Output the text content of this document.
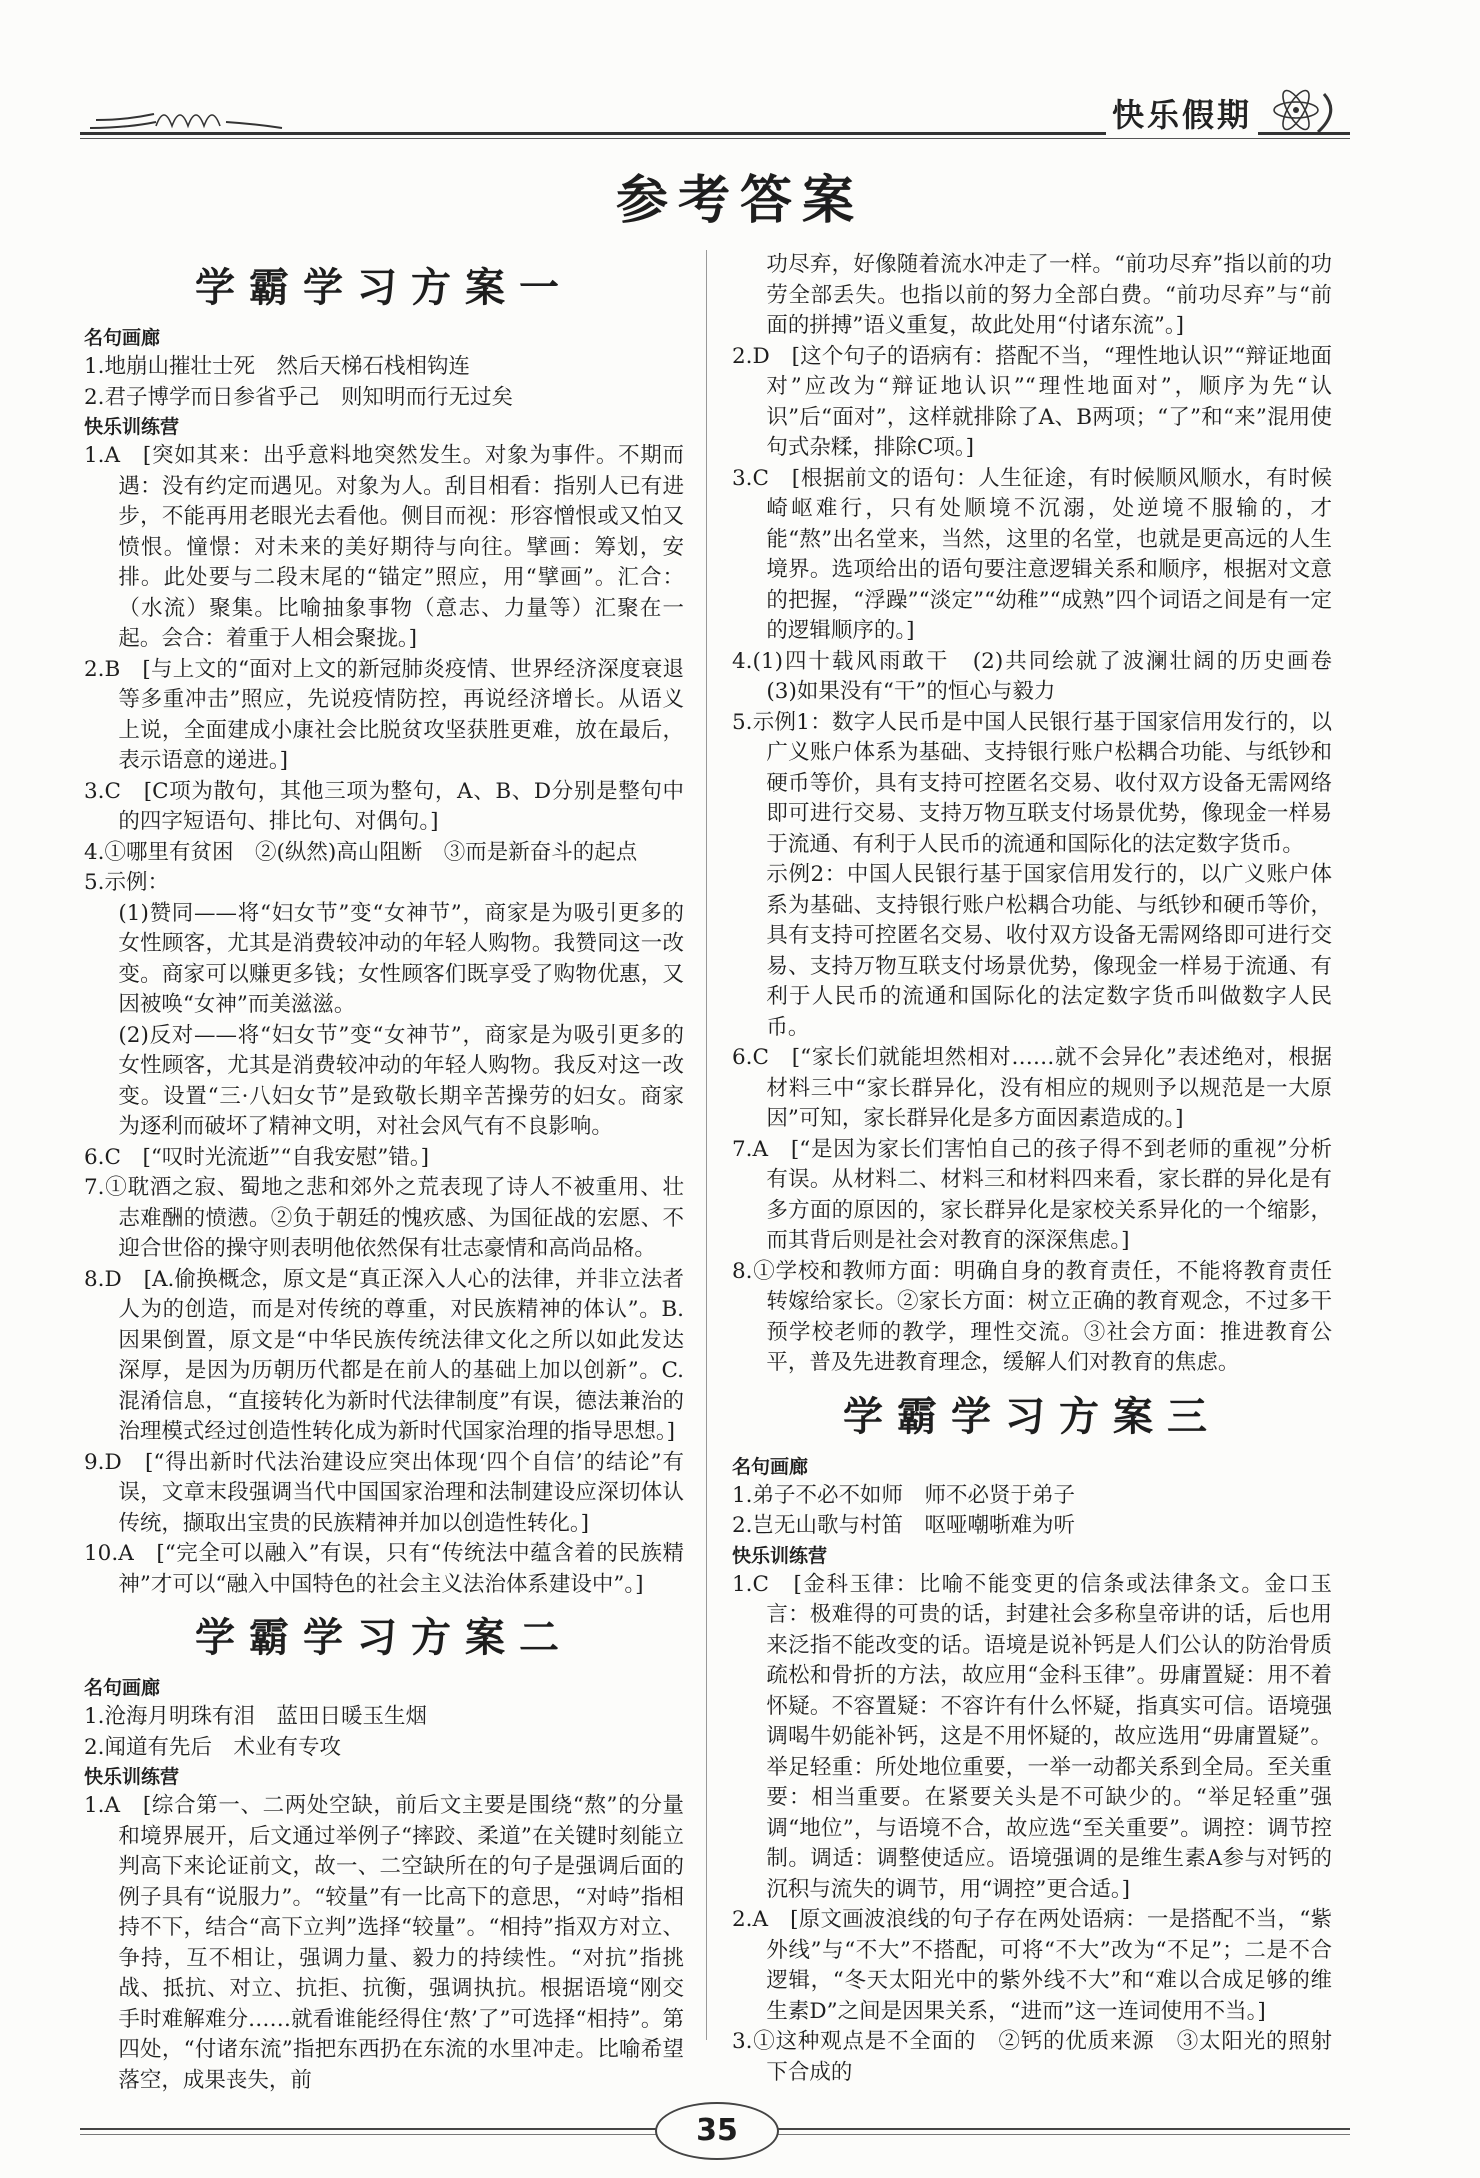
快乐假期
参考答案
学霸学习方案一
名句画廊
1.地崩山摧壮士死　然后天梯石栈相钩连
2.君子博学而日参省乎己　则知明而行无过矣
快乐训练营
1.A　[突如其来：出乎意料地突然发生。对象为事件。不期而遇：没有约定而遇见。对象为人。刮目相看：指别人已有进步，不能再用老眼光去看他。侧目而视：形容憎恨或又怕又愤恨。憧憬：对未来的美好期待与向往。擘画：筹划，安排。此处要与二段末尾的“锚定”照应，用“擘画”。汇合：（水流）聚集。比喻抽象事物（意志、力量等）汇聚在一起。会合：着重于人相会聚拢。]
2.B　[与上文的“面对上文的新冠肺炎疫情、世界经济深度衰退等多重冲击”照应，先说疫情防控，再说经济增长。从语义上说，全面建成小康社会比脱贫攻坚获胜更难，放在最后，表示语意的递进。]
3.C　[C项为散句，其他三项为整句，A、B、D分别是整句中的四字短语句、排比句、对偶句。]
4.①哪里有贫困　②(纵然)高山阻断　③而是新奋斗的起点
5.示例：
(1)赞同——将“妇女节”变“女神节”，商家是为吸引更多的女性顾客，尤其是消费较冲动的年轻人购物。我赞同这一改变。商家可以赚更多钱；女性顾客们既享受了购物优惠，又因被唤“女神”而美滋滋。
(2)反对——将“妇女节”变“女神节”，商家是为吸引更多的女性顾客，尤其是消费较冲动的年轻人购物。我反对这一改变。设置“三·八妇女节”是致敬长期辛苦操劳的妇女。商家为逐利而破坏了精神文明，对社会风气有不良影响。
6.C　[“叹时光流逝”“自我安慰”错。]
7.①耽酒之寂、蜀地之悲和郊外之荒表现了诗人不被重用、壮志难酬的愤懑。②负于朝廷的愧疚感、为国征战的宏愿、不迎合世俗的操守则表明他依然保有壮志豪情和高尚品格。
8.D　[A.偷换概念，原文是“真正深入人心的法律，并非立法者人为的创造，而是对传统的尊重，对民族精神的体认”。B.因果倒置，原文是“中华民族传统法律文化之所以如此发达深厚，是因为历朝历代都是在前人的基础上加以创新”。C.混淆信息，“直接转化为新时代法律制度”有误，德法兼治的治理模式经过创造性转化成为新时代国家治理的指导思想。]
9.D　[“得出新时代法治建设应突出体现‘四个自信’的结论”有误，文章末段强调当代中国国家治理和法制建设应深切体认传统，撷取出宝贵的民族精神并加以创造性转化。]
10.A　[“完全可以融入”有误，只有“传统法中蕴含着的民族精神”才可以“融入中国特色的社会主义法治体系建设中”。]
学霸学习方案二
名句画廊
1.沧海月明珠有泪　蓝田日暖玉生烟
2.闻道有先后　术业有专攻
快乐训练营
1.A　[综合第一、二两处空缺，前后文主要是围绕“熬”的分量和境界展开，后文通过举例子“摔跤、柔道”在关键时刻能立判高下来论证前文，故一、二空缺所在的句子是强调后面的例子具有“说服力”。“较量”有一比高下的意思，“对峙”指相持不下，结合“高下立判”选择“较量”。“相持”指双方对立、争持，互不相让，强调力量、毅力的持续性。“对抗”指挑战、抵抗、对立、抗拒、抗衡，强调执抗。根据语境“刚交手时难解难分……就看谁能经得住‘熬’了”可选择“相持”。第四处，“付诸东流”指把东西扔在东流的水里冲走。比喻希望落空，成果丧失，前
功尽弃，好像随着流水冲走了一样。“前功尽弃”指以前的功劳全部丢失。也指以前的努力全部白费。“前功尽弃”与“前面的拼搏”语义重复，故此处用“付诸东流”。]
2.D　[这个句子的语病有：搭配不当，“理性地认识”“辩证地面对”应改为“辩证地认识”“理性地面对”，顺序为先“认识”后“面对”，这样就排除了A、B两项；“了”和“来”混用使句式杂糅，排除C项。]
3.C　[根据前文的语句：人生征途，有时候顺风顺水，有时候崎岖难行，只有处顺境不沉溺，处逆境不服输的，才能“熬”出名堂来，当然，这里的名堂，也就是更高远的人生境界。选项给出的语句要注意逻辑关系和顺序，根据对文意的把握，“浮躁”“淡定”“幼稚”“成熟”四个词语之间是有一定的逻辑顺序的。]
4.(1)四十载风雨敢干　(2)共同绘就了波澜壮阔的历史画卷　(3)如果没有“干”的恒心与毅力
5.示例1：数字人民币是中国人民银行基于国家信用发行的，以广义账户体系为基础、支持银行账户松耦合功能、与纸钞和硬币等价，具有支持可控匿名交易、收付双方设备无需网络即可进行交易、支持万物互联支付场景优势，像现金一样易于流通、有利于人民币的流通和国际化的法定数字货币。
示例2：中国人民银行基于国家信用发行的，以广义账户体系为基础、支持银行账户松耦合功能、与纸钞和硬币等价，具有支持可控匿名交易、收付双方设备无需网络即可进行交易、支持万物互联支付场景优势，像现金一样易于流通、有利于人民币的流通和国际化的法定数字货币叫做数字人民币。
6.C　[“家长们就能坦然相对……就不会异化”表述绝对，根据材料三中“家长群异化，没有相应的规则予以规范是一大原因”可知，家长群异化是多方面因素造成的。]
7.A　[“是因为家长们害怕自己的孩子得不到老师的重视”分析有误。从材料二、材料三和材料四来看，家长群的异化是有多方面的原因的，家长群异化是家校关系异化的一个缩影，而其背后则是社会对教育的深深焦虑。]
8.①学校和教师方面：明确自身的教育责任，不能将教育责任转嫁给家长。②家长方面：树立正确的教育观念，不过多干预学校老师的教学，理性交流。③社会方面：推进教育公平，普及先进教育理念，缓解人们对教育的焦虑。
学霸学习方案三
名句画廊
1.弟子不必不如师　师不必贤于弟子
2.岂无山歌与村笛　呕哑嘲哳难为听
快乐训练营
1.C　[金科玉律：比喻不能变更的信条或法律条文。金口玉言：极难得的可贵的话，封建社会多称皇帝讲的话，后也用来泛指不能改变的话。语境是说补钙是人们公认的防治骨质疏松和骨折的方法，故应用“金科玉律”。毋庸置疑：用不着怀疑。不容置疑：不容许有什么怀疑，指真实可信。语境强调喝牛奶能补钙，这是不用怀疑的，故应选用“毋庸置疑”。举足轻重：所处地位重要，一举一动都关系到全局。至关重要：相当重要。在紧要关头是不可缺少的。“举足轻重”强调“地位”，与语境不合，故应选“至关重要”。调控：调节控制。调适：调整使适应。语境强调的是维生素A参与对钙的沉积与流失的调节，用“调控”更合适。]
2.A　[原文画波浪线的句子存在两处语病：一是搭配不当，“紫外线”与“不大”不搭配，可将“不大”改为“不足”；二是不合逻辑，“冬天太阳光中的紫外线不大”和“难以合成足够的维生素D”之间是因果关系，“进而”这一连词使用不当。]
3.①这种观点是不全面的　②钙的优质来源　③太阳光的照射下合成的
35
